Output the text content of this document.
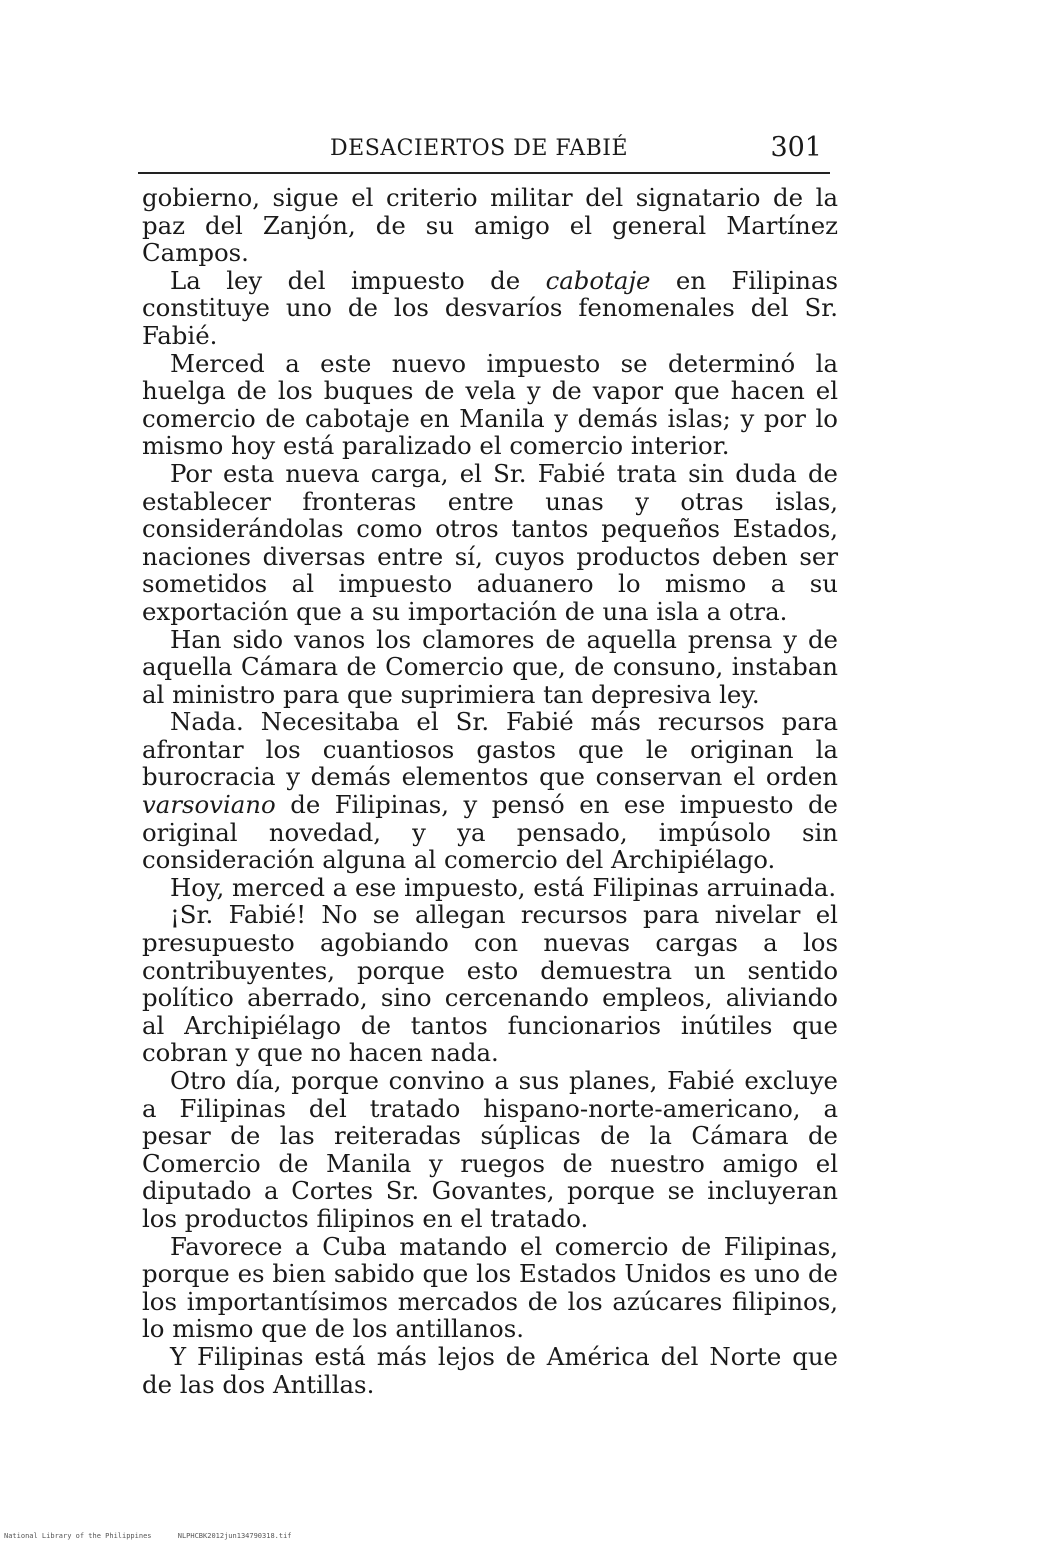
DESACIERTOS DE FABIÉ	301

gobierno, sigue el criterio militar del signatario de la paz del Zanjón, de su amigo el general Martínez Campos.

La ley del impuesto de cabotaje en Filipinas constituye uno de los desvaríos fenomenales del Sr. Fabié.

Merced a este nuevo impuesto se determinó la huelga de los buques de vela y de vapor que hacen el comercio de cabotaje en Manila y demás islas; y por lo mismo hoy está paralizado el comercio interior.

Por esta nueva carga, el Sr. Fabié trata sin duda de establecer fronteras entre unas y otras islas, considerándolas como otros tantos pequeños Estados, naciones diversas entre sí, cuyos productos deben ser sometidos al impuesto aduanero lo mismo a su exportación que a su importación de una isla a otra.

Han sido vanos los clamores de aquella prensa y de aquella Cámara de Comercio que, de consuno, instaban al ministro para que suprimiera tan depresiva ley.

Nada. Necesitaba el Sr. Fabié más recursos para afrontar los cuantiosos gastos que le originan la burocracia y demás elementos que conservan el orden varsoviano de Filipinas, y pensó en ese impuesto de original novedad, y ya pensado, impúsolo sin consideración alguna al comercio del Archipiélago.

Hoy, merced a ese impuesto, está Filipinas arruinada.

¡Sr. Fabié! No se allegan recursos para nivelar el presupuesto agobiando con nuevas cargas a los contribuyentes, porque esto demuestra un sentido político aberrado, sino cercenando empleos, aliviando al Archipiélago de tantos funcionarios inútiles que cobran y que no hacen nada.

Otro día, porque convino a sus planes, Fabié excluye a Filipinas del tratado hispano-norte-americano, a pesar de las reiteradas súplicas de la Cámara de Comercio de Manila y ruegos de nuestro amigo el diputado a Cortes Sr. Govantes, porque se incluyeran los productos filipinos en el tratado.

Favorece a Cuba matando el comercio de Filipinas, porque es bien sabido que los Estados Unidos es uno de los importantísimos mercados de los azúcares filipinos, lo mismo que de los antillanos.

Y Filipinas está más lejos de América del Norte que de las dos Antillas.

National Library of the Philippines	NLPHCBK2012jun134790318.tif
